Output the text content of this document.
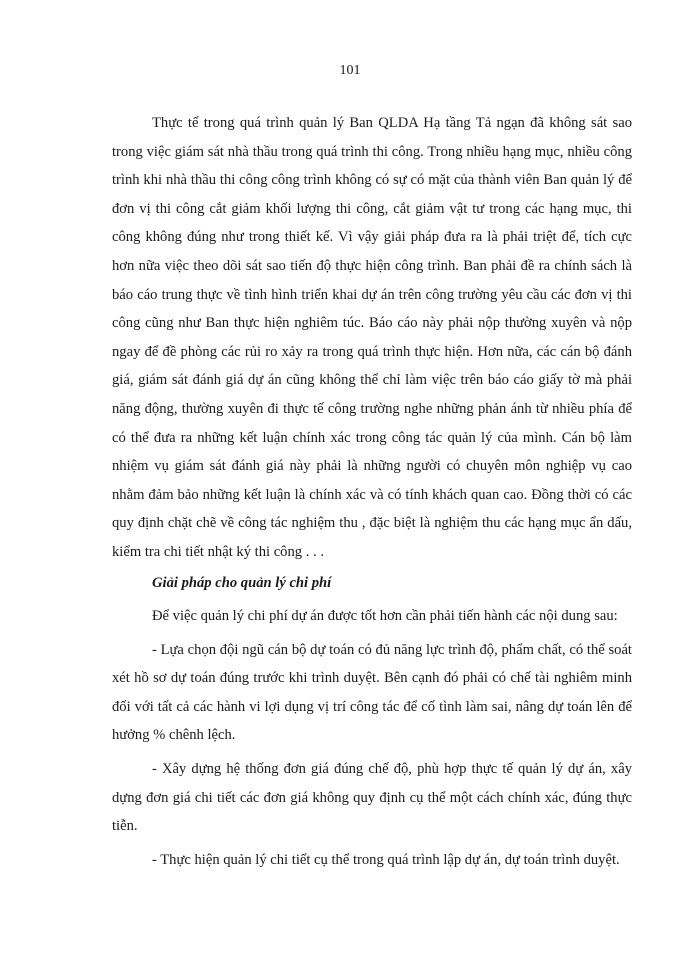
101

Thực tế trong quá trình quản lý Ban QLDA Hạ tầng Tả ngạn đã không sát sao trong việc giám sát nhà thầu trong quá trình thi công. Trong nhiều hạng mục, nhiều công trình khi nhà thầu thi công công trình không có sự có mặt của thành viên Ban quản lý để đơn vị thi công cắt giảm khối lượng thi công, cắt giảm vật tư trong các hạng mục, thi công không đúng như trong thiết kế. Vì vậy giải pháp đưa ra là phải triệt để, tích cực hơn nữa việc theo dõi sát sao tiến độ thực hiện công trình. Ban phải đề ra chính sách là báo cáo trung thực về tình hình triển khai dự án trên công trường yêu cầu các đơn vị thi công cũng như Ban thực hiện nghiêm túc. Báo cáo này phải nộp thường xuyên và nộp ngay để đề phòng các rủi ro xảy ra trong quá trình thực hiện. Hơn nữa, các cán bộ đánh giá, giám sát đánh giá dự án cũng không thể chỉ làm việc trên báo cáo giấy tờ mà phải năng động, thường xuyên đi thực tế công trường nghe những phản ánh từ nhiều phía để có thể đưa ra những kết luận chính xác trong công tác quản lý của mình. Cán bộ làm nhiệm vụ giám sát đánh giá này phải là những người có chuyên môn nghiệp vụ cao nhằm đảm bảo những kết luận là chính xác và có tính khách quan cao. Đồng thời có các quy định chặt chẽ về công tác nghiệm thu , đặc biệt là nghiệm thu các hạng mục ẩn dấu, kiểm tra chi tiết nhật ký thi công . . .

Giải pháp cho quản lý chi phí

Để việc quản lý chi phí dự án được tốt hơn cần phải tiến hành các nội dung sau:

- Lựa chọn đội ngũ cán bộ dự toán có đủ năng lực trình độ, phẩm chất, có thể soát xét hồ sơ dự toán đúng trước khi trình duyệt. Bên cạnh đó phải có chế tài nghiêm minh đối với tất cả các hành vi lợi dụng vị trí công tác để cố tình làm sai, nâng dự toán lên để hưởng % chênh lệch.

- Xây dựng hệ thống đơn giá đúng chế độ, phù hợp thực tế quản lý dự án, xây dựng đơn giá chi tiết các đơn giá không quy định cụ thể một cách chính xác, đúng thực tiễn.

- Thực hiện quản lý chi tiết cụ thể trong quá trình lập dự án, dự toán trình duyệt.
